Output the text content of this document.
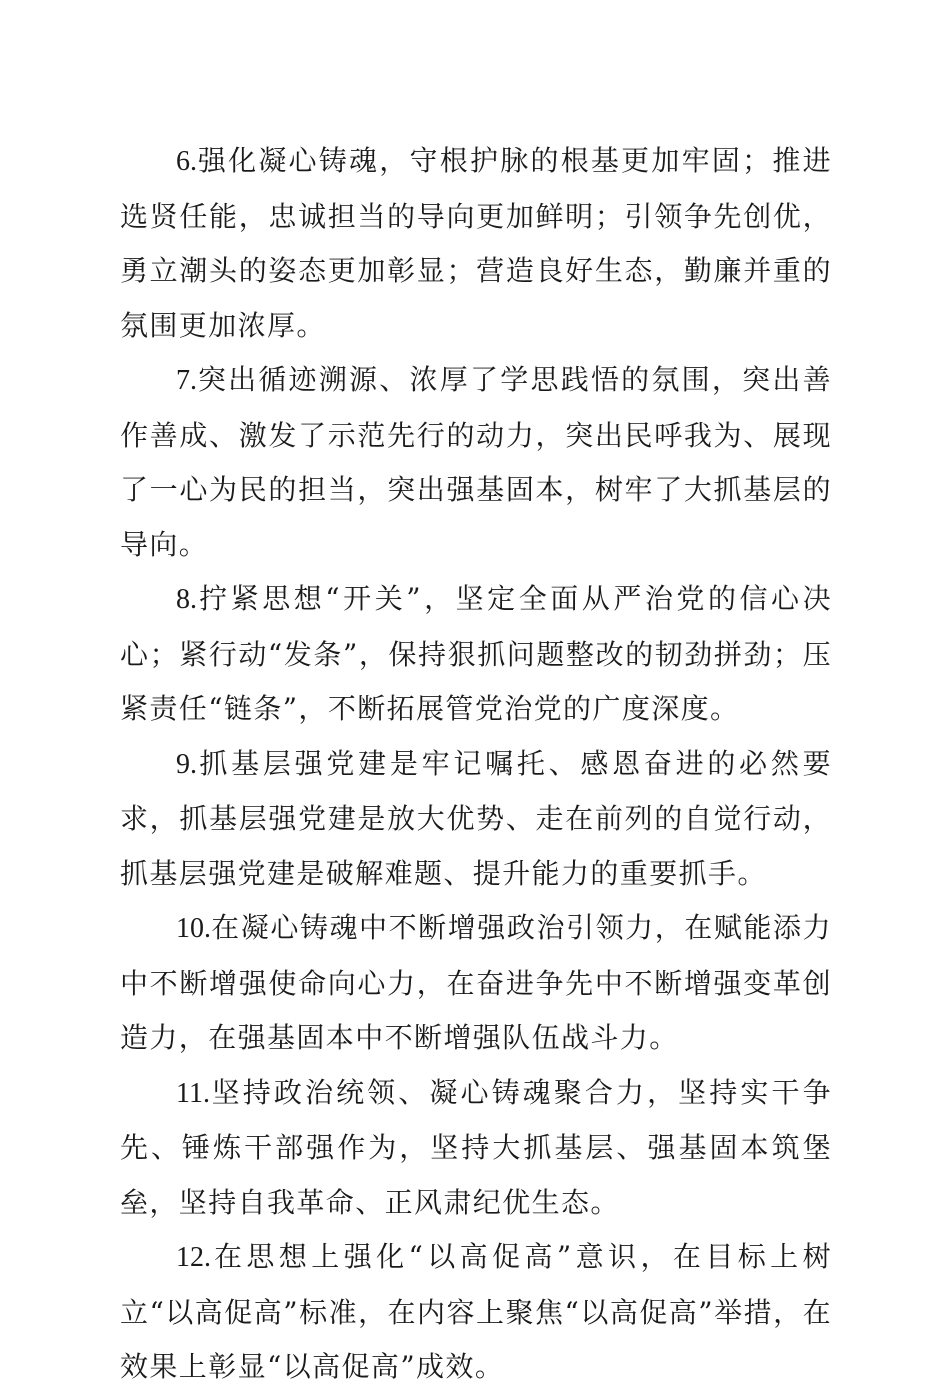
6.强化凝心铸魂，守根护脉的根基更加牢固；推进选贤任能，忠诚担当的导向更加鲜明；引领争先创优，勇立潮头的姿态更加彰显；营造良好生态，勤廉并重的氛围更加浓厚。

7.突出循迹溯源、浓厚了学思践悟的氛围，突出善作善成、激发了示范先行的动力，突出民呼我为、展现了一心为民的担当，突出强基固本，树牢了大抓基层的导向。

8.拧紧思想“开关”，坚定全面从严治党的信心决心；紧行动“发条”，保持狠抓问题整改的韧劲拼劲；压紧责任“链条”，不断拓展管党治党的广度深度。

9.抓基层强党建是牢记嘱托、感恩奋进的必然要求，抓基层强党建是放大优势、走在前列的自觉行动，抓基层强党建是破解难题、提升能力的重要抓手。

10.在凝心铸魂中不断增强政治引领力，在赋能添力中不断增强使命向心力，在奋进争先中不断增强变革创造力，在强基固本中不断增强队伍战斗力。

11.坚持政治统领、凝心铸魂聚合力，坚持实干争先、锤炼干部强作为，坚持大抓基层、强基固本筑堡垒，坚持自我革命、正风肃纪优生态。

12.在思想上强化“以高促高”意识，在目标上树立“以高促高”标准，在内容上聚焦“以高促高”举措，在效果上彰显“以高促高”成效。
